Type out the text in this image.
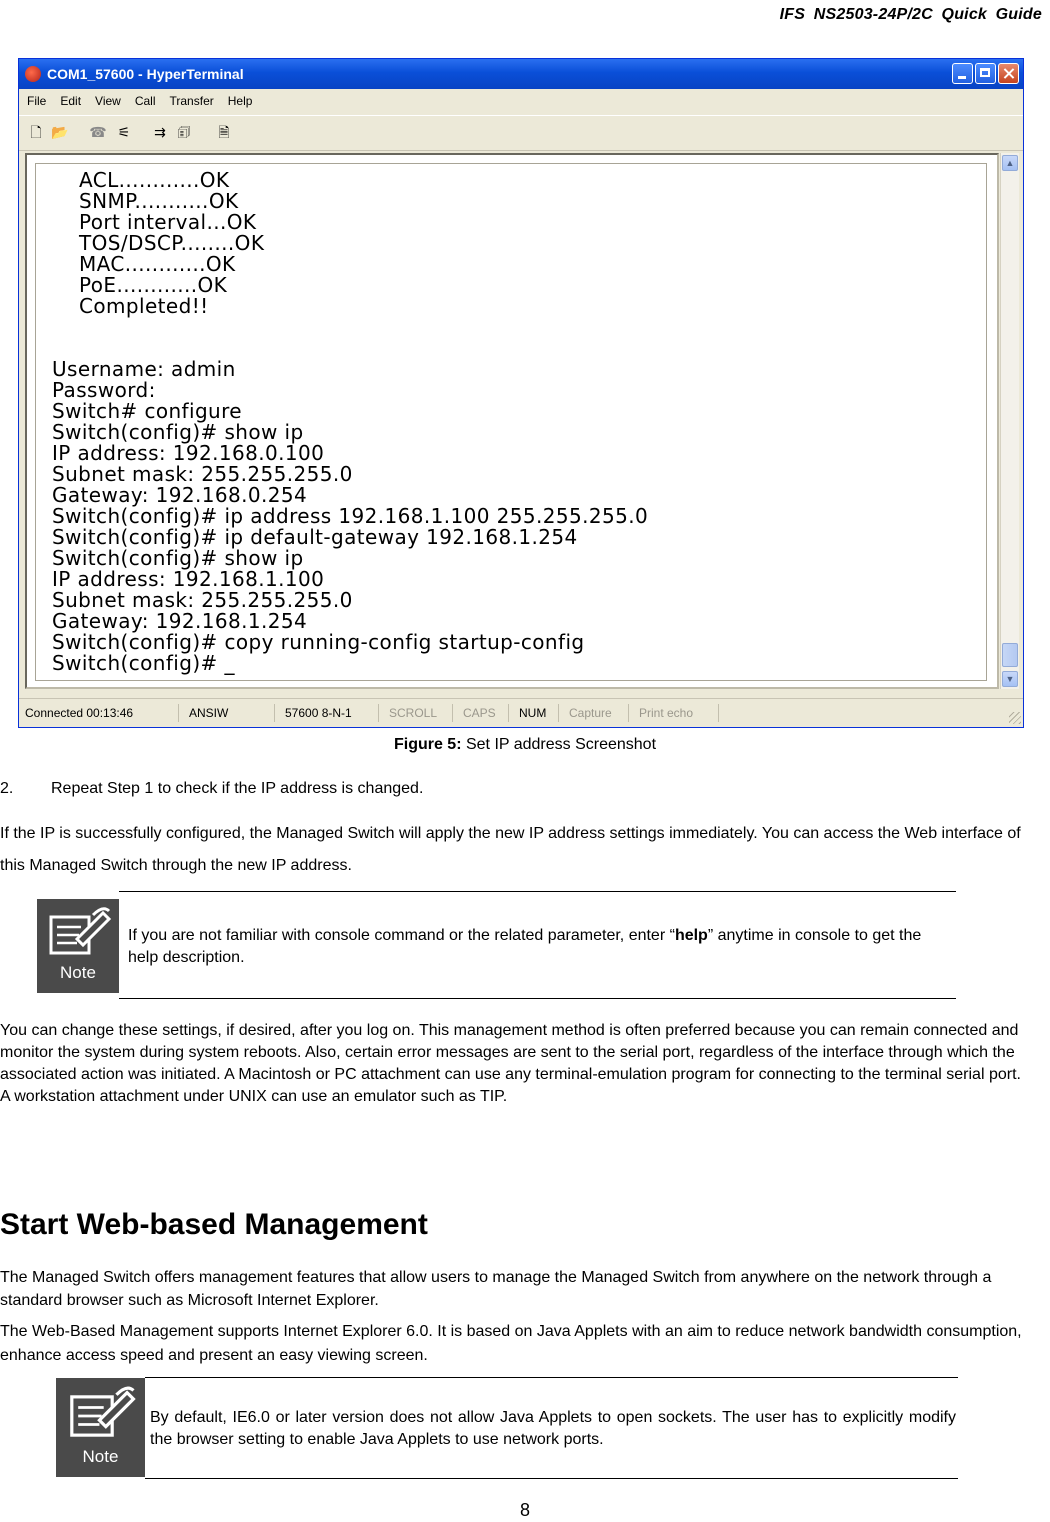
IFS NS2503-24P/2C Quick Guide
COM1_57600 - HyperTerminal
File Edit View Call Transfer Help
🗋 📂 ☎ ⚟ ⇉ 🗊 🗎
ACL............OK
SNMP...........OK
Port interval...OK
TOS/DSCP........OK
MAC............OK
PoE............OK
Completed!!
Username: admin
Password:
Switch# configure
Switch(config)# show ip
IP address: 192.168.0.100
Subnet mask: 255.255.255.0
Gateway: 192.168.0.254
Switch(config)# ip address 192.168.1.100 255.255.255.0
Switch(config)# ip default-gateway 192.168.1.254
Switch(config)# show ip
IP address: 192.168.1.100
Subnet mask: 255.255.255.0
Gateway: 192.168.1.254
Switch(config)# copy running-config startup-config
Switch(config)# _
▲
▼
Connected 00:13:46	ANSIW	57600 8-N-1	SCROLL	CAPS	NUM	Capture	Print echo
Figure 5: Set IP address Screenshot
2. Repeat Step 1 to check if the IP address is changed.
If the IP is successfully configured, the Managed Switch will apply the new IP address settings immediately. You can access the Web interface of this Managed Switch through the new IP address.
Note
If you are not familiar with console command or the related parameter, enter “help” anytime in console to get the help description.
You can change these settings, if desired, after you log on. This management method is often preferred because you can remain connected and monitor the system during system reboots. Also, certain error messages are sent to the serial port, regardless of the interface through which the associated action was initiated. A Macintosh or PC attachment can use any terminal-emulation program for connecting to the terminal serial port. A workstation attachment under UNIX can use an emulator such as TIP.
Start Web-based Management
The Managed Switch offers management features that allow users to manage the Managed Switch from anywhere on the network through a standard browser such as Microsoft Internet Explorer.
The Web-Based Management supports Internet Explorer 6.0. It is based on Java Applets with an aim to reduce network bandwidth consumption, enhance access speed and present an easy viewing screen.
Note
By default, IE6.0 or later version does not allow Java Applets to open sockets. The user has to explicitly modify the browser setting to enable Java Applets to use network ports.
8
